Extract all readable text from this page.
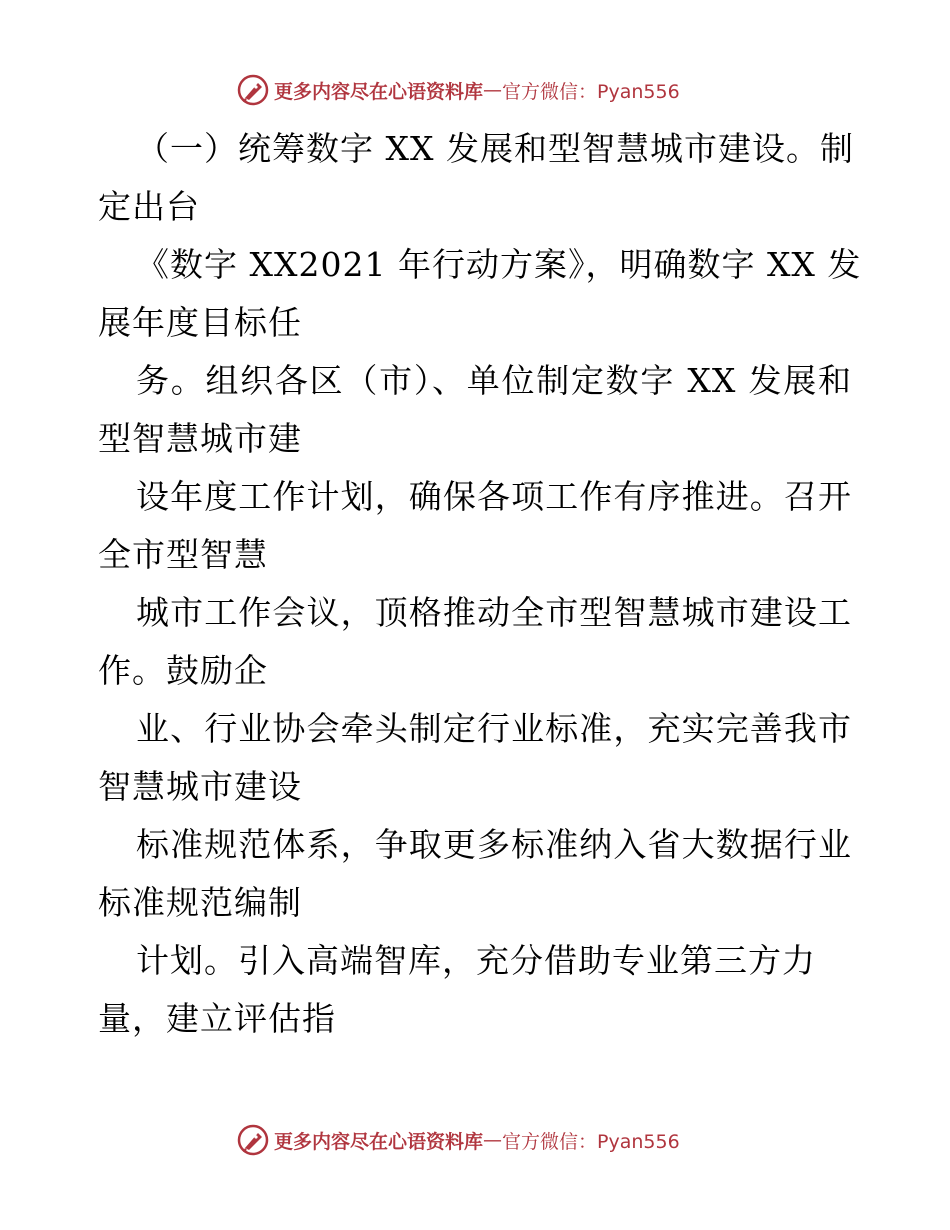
更多内容尽在心语资料库 — 官方微信：Pyan556
（一）统筹数字 XX 发展和型智慧城市建设。制
定出台
《数字 XX2021 年行动方案》，明确数字 XX 发
展年度目标任
务。组织各区（市）、单位制定数字 XX 发展和
型智慧城市建
设年度工作计划，确保各项工作有序推进。召开
全市型智慧
城市工作会议，顶格推动全市型智慧城市建设工
作。鼓励企
业、行业协会牵头制定行业标准，充实完善我市
智慧城市建设
标准规范体系，争取更多标准纳入省大数据行业
标准规范编制
计划。引入高端智库，充分借助专业第三方力
量，建立评估指
更多内容尽在心语资料库 — 官方微信：Pyan556
